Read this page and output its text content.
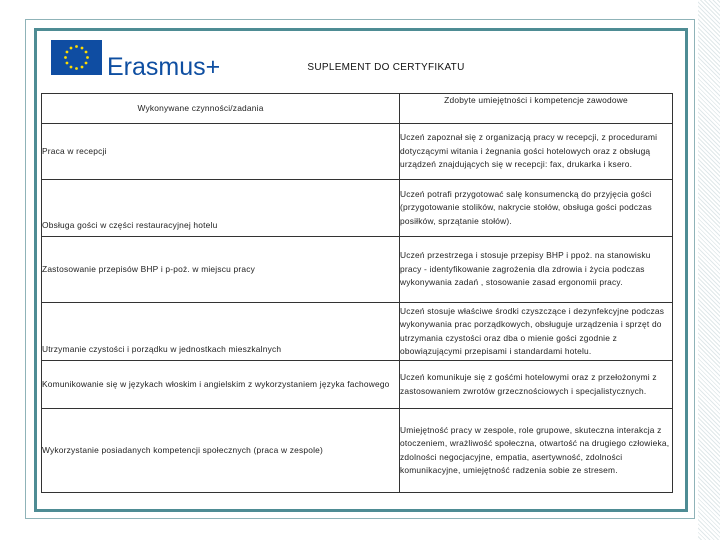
Erasmus+	SUPLEMENT DO CERTYFIKATU
Wykonywane czynności/zadania	Zdobyte umiejętności i kompetencje zawodowe
Praca w recepcji	Uczeń zapoznał się z organizacją pracy w recepcji, z procedurami dotyczącymi witania i żegnania gości hotelowych oraz z obsługą urządzeń znajdujących się w recepcji: fax, drukarka i ksero.
Obsługa gości w części restauracyjnej hotelu	Uczeń potrafi przygotować salę konsumencką do przyjęcia gości (przygotowanie stolików, nakrycie stołów, obsługa gości podczas posiłków, sprzątanie stołów).
Zastosowanie przepisów BHP i p-poż. w miejscu pracy	Uczeń przestrzega i stosuje przepisy BHP i ppoż. na stanowisku pracy - identyfikowanie zagrożenia dla zdrowia i życia podczas wykonywania zadań , stosowanie zasad ergonomii pracy.
Utrzymanie czystości i porządku w jednostkach mieszkalnych	Uczeń stosuje właściwe środki czyszczące i dezynfekcyjne podczas wykonywania prac porządkowych, obsługuje urządzenia i sprzęt do utrzymania czystości oraz dba o mienie gości zgodnie z obowiązującymi przepisami i standardami hotelu.
Komunikowanie się w językach włoskim i angielskim z wykorzystaniem języka fachowego	Uczeń komunikuje się z gośćmi hotelowymi oraz z przełożonymi z zastosowaniem zwrotów grzecznościowych i specjalistycznych.
Wykorzystanie posiadanych kompetencji społecznych (praca w zespole)	Umiejętność pracy w zespole, role grupowe, skuteczna interakcja z otoczeniem, wrażliwość społeczna, otwartość na drugiego człowieka, zdolności negocjacyjne, empatia, asertywność, zdolności komunikacyjne, umiejętność radzenia sobie ze stresem.
